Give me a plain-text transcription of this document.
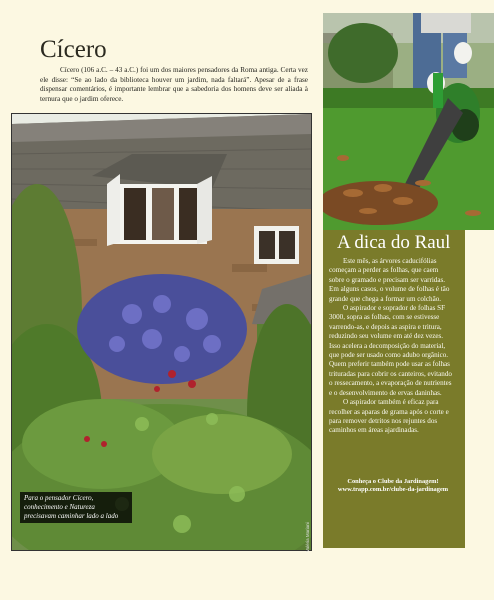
Cícero
Cícero (106 a.C. – 43 a.C.) foi um dos maiores pensadores da Roma antiga. Certa vez ele disse: “Se ao lado da biblioteca houver um jardim, nada faltará”. Apesar de a frase dispensar comentários, é importante lembrar que a sabedoria dos homens deve ser aliada à ternura que o jardim oferece.
Para o pensador Cícero, conhecimento e Natureza precisavam caminhar lado a lado
Valéria Mariani
A dica do Raul

Este mês, as árvores caducifólias começam a perder as folhas, que caem sobre o gramado e precisam ser varridas. Em alguns casos, o volume de folhas é tão grande que chega a formar um colchão.

O aspirador e soprador de folhas SF 3000, sopra as folhas, com se estivesse varrendo-as, e depois as aspira e tritura, reduzindo seu volume em até dez vezes. Isso acelera a decomposição do material, que pode ser usado como adubo orgânico. Quem preferir também pode usar as folhas trituradas para cobrir os canteiros, evitando o ressecamento, a evaporação de nutrientes e o desenvolvimento de ervas daninhas.

O aspirador também é eficaz para recolher as aparas de grama após o corte e para remover detritos nos rejuntes dos caminhos em áreas ajardinadas.

Conheça o Clube da Jardinagem!
www.trapp.com.br/clube-da-jardinagem
